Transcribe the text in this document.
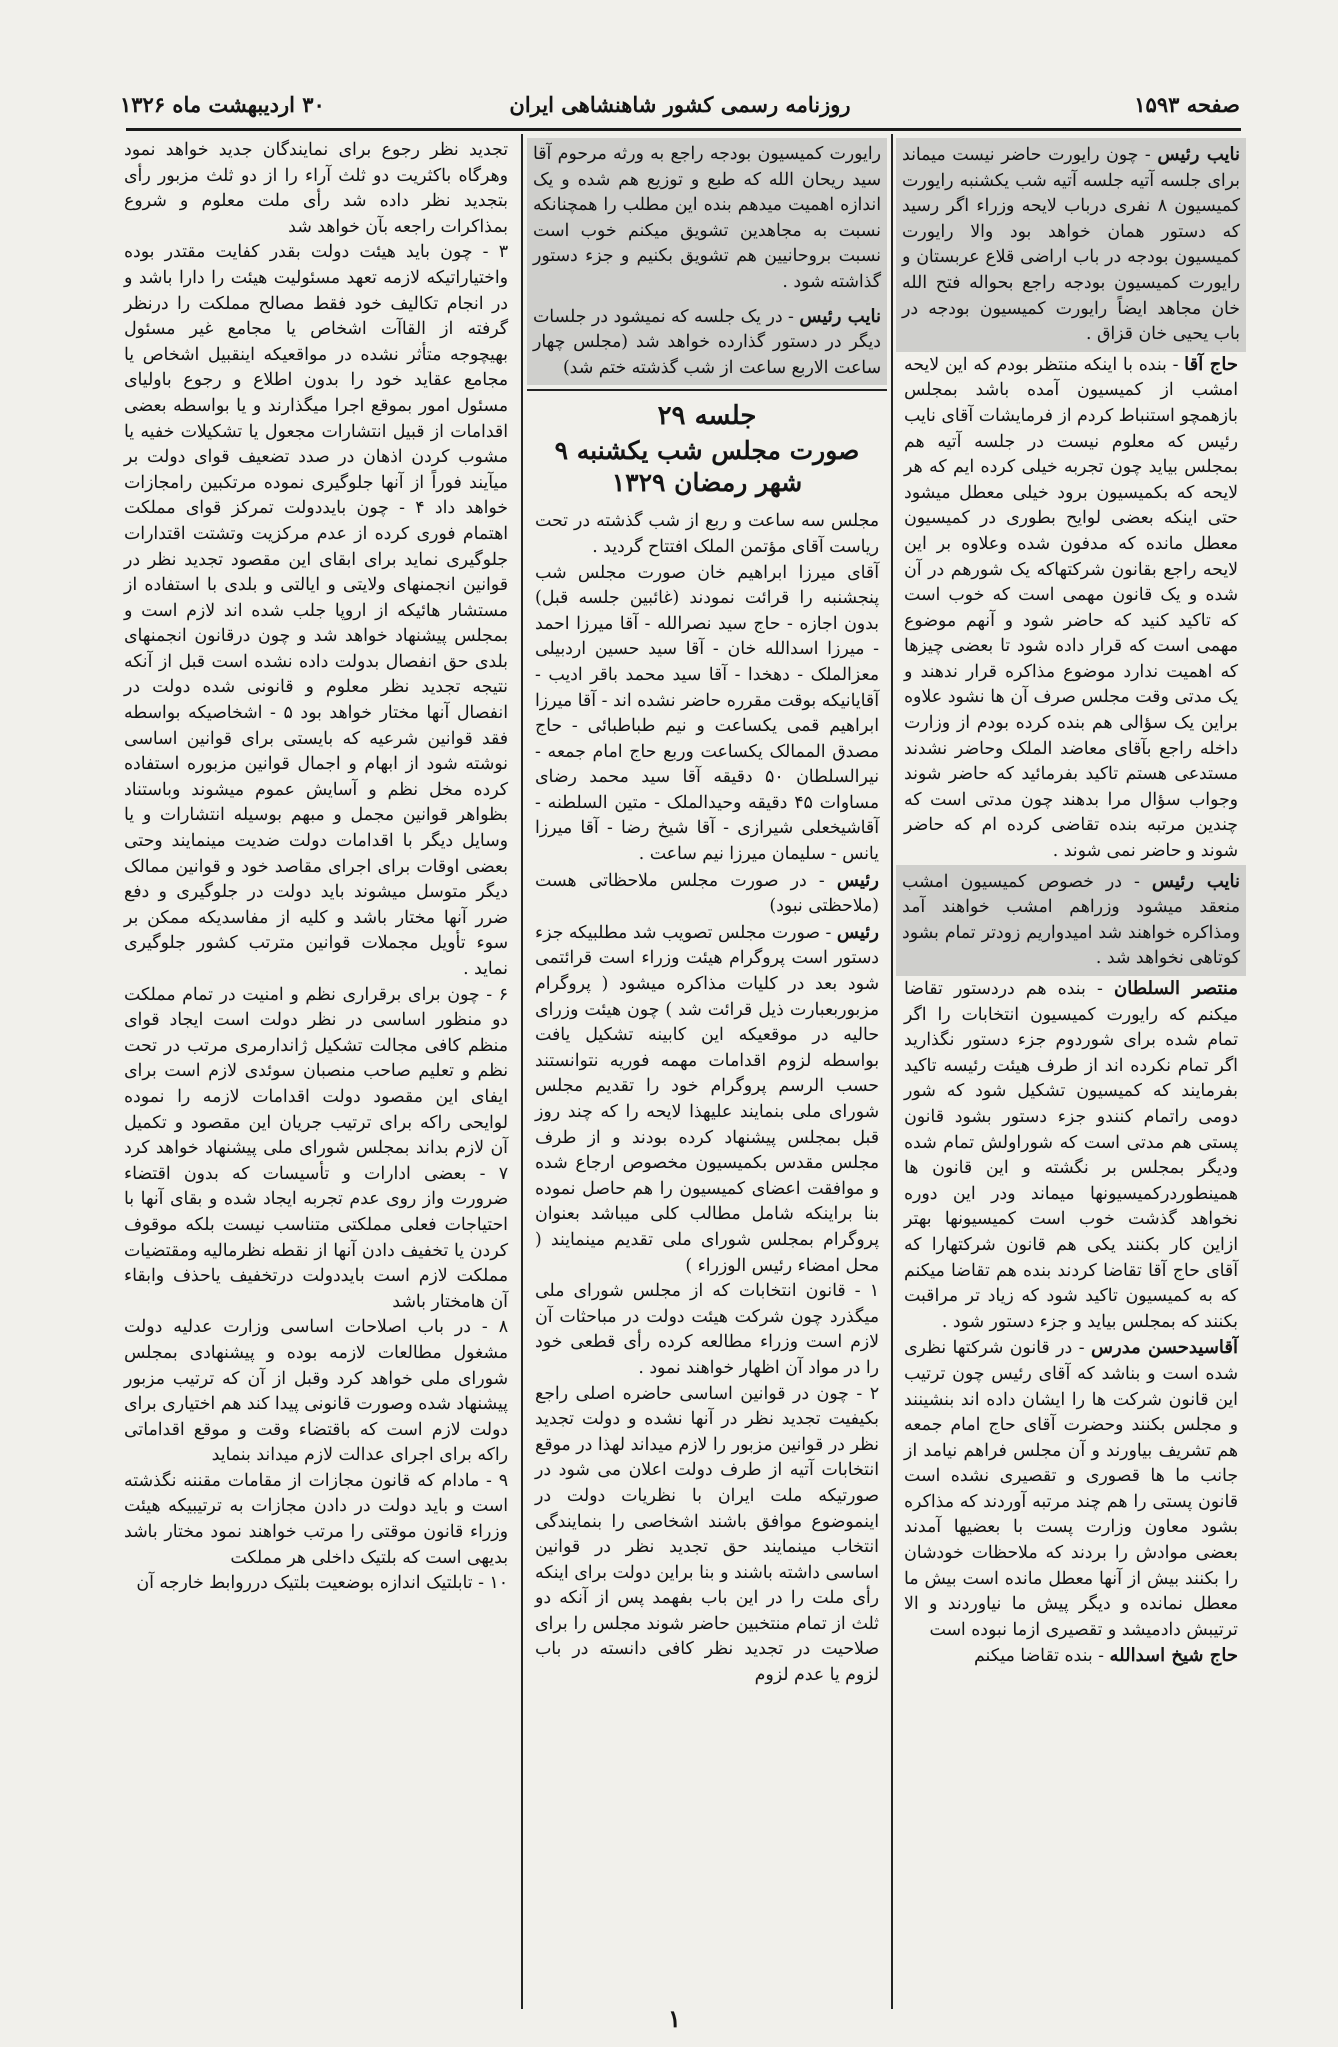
صفحه ۱۵۹۳
روزنامه رسمی کشور شاهنشاهی ایران
۳۰ اردیبهشت ماه ۱۳۲۶

نایب رئیس - چون رایورت حاضر نیست میماند برای جلسه آتیه جلسه آتیه شب یکشنبه رایورت کمیسیون ۸ نفری درباب لایحه وزراء اگر رسید که دستور همان خواهد بود والا رایورت کمیسیون بودجه در باب اراضی قلاع عربستان و رایورت کمیسیون بودجه راجع بحواله فتح الله خان مجاهد ایضاً رایورت کمیسیون بودجه در باب یحیی خان قزاق .

حاج آقا - بنده با اینکه منتظر بودم که این لایحه امشب از کمیسیون آمده باشد بمجلس بازهمچو استنباط کردم از فرمایشات آقای نایب رئیس که معلوم نیست در جلسه آتیه هم بمجلس بیاید چون تجربه خیلی کرده ایم که هر لایحه که بکمیسیون برود خیلی معطل میشود حتی اینکه بعضی لوایح بطوری در کمیسیون معطل مانده که مدفون شده وعلاوه بر این لایحه راجع بقانون شرکتهاکه یک شورهم در آن شده و یک قانون مهمی است که خوب است که تاکید کنید که حاضر شود و آنهم موضوع مهمی است که قرار داده شود تا بعضی چیزها که اهمیت ندارد موضوع مذاکره قرار ندهند و یک مدتی وقت مجلس صرف آن ها نشود علاوه براین یک سؤالی هم بنده کرده بودم از وزارت داخله راجع بآقای معاضد الملک وحاضر نشدند مستدعی هستم تاکید بفرمائید که حاضر شوند وجواب سؤال مرا بدهند چون مدتی است که چندین مرتبه بنده تقاضی کرده ام که حاضر شوند و حاضر نمی شوند .

نایب رئیس - در خصوص کمیسیون امشب منعقد میشود وزراهم امشب خواهند آمد ومذاکره خواهند شد امیدواریم زودتر تمام بشود کوتاهی نخواهد شد .

منتصر السلطان - بنده هم دردستور تقاضا میکنم که رایورت کمیسیون انتخابات را اگر تمام شده برای شوردوم جزء دستور نگذارید اگر تمام نکرده اند از طرف هیئت رئیسه تاکید بفرمایند که کمیسیون تشکیل شود که شور دومی راتمام کنندو جزء دستور بشود قانون پستی هم مدتی است که شوراولش تمام شده ودیگر بمجلس بر نگشته و این قانون ها همینطوردرکمیسیونها میماند ودر این دوره نخواهد گذشت خوب است کمیسیونها بهتر ازاین کار بکنند یکی هم قانون شرکتهارا که آقای حاج آقا تقاضا کردند بنده هم تقاضا میکنم که به کمیسیون تاکید شود که زیاد تر مراقبت بکنند که بمجلس بیاید و جزء دستور شود .

آقاسیدحسن مدرس - در قانون شرکتها نظری شده است و بناشد که آقای رئیس چون ترتیب این قانون شرکت ها را ایشان داده اند بنشینند و مجلس بکنند وحضرت آقای حاج امام جمعه هم تشریف بیاورند و آن مجلس فراهم نیامد از جانب ما ها قصوری و تقصیری نشده است قانون پستی را هم چند مرتبه آوردند که مذاکره بشود معاون وزارت پست با بعضیها آمدند بعضی موادش را بردند که ملاحظات خودشان را بکنند بیش از آنها معطل مانده است بیش ما معطل نمانده و دیگر پیش ما نیاوردند و الا ترتیبش دادمیشد و تقصیری ازما نبوده است

حاج شیخ اسدالله - بنده تقاضا میکنم

رایورت کمیسیون بودجه راجع به ورثه مرحوم آقا سید ریحان الله که طبع و توزیع هم شده و یک اندازه اهمیت میدهم بنده این مطلب را همچنانکه نسبت به مجاهدین تشویق میکنم خوب است نسبت بروحانیین هم تشویق بکنیم و جزء دستور گذاشته شود .

نایب رئیس - در یک جلسه که نمیشود در جلسات دیگر در دستور گذارده خواهد شد (مجلس چهار ساعت الاربع ساعت از شب گذشته ختم شد)

جلسه ۲۹
صورت مجلس شب یکشنبه ۹ شهر رمضان ۱۳۲۹

مجلس سه ساعت و ربع از شب گذشته در تحت ریاست آقای مؤتمن الملک افتتاح گردید .

آقای میرزا ابراهیم خان صورت مجلس شب پنجشنبه را قرائت نمودند (غائبین جلسه قبل) بدون اجازه - حاج سید نصرالله - آقا میرزا احمد - میرزا اسدالله خان - آقا سید حسین اردبیلی معزالملک - دهخدا - آقا سید محمد باقر ادیب - آقایانیکه بوقت مقرره حاضر نشده اند - آقا میرزا ابراهیم قمی یکساعت و نیم طباطبائی - حاج مصدق الممالک یکساعت وربع حاج امام جمعه - نیرالسلطان ۵۰ دقیقه آقا سید محمد رضای مساوات ۴۵ دقیقه وحیدالملک - متین السلطنه - آقاشیخعلی شیرازی - آقا شیخ رضا - آقا میرزا یانس - سلیمان میرزا نیم ساعت .

رئیس - در صورت مجلس ملاحظاتی هست (ملاحظتی نبود)

رئیس - صورت مجلس تصویب شد مطلبیکه جزء دستور است پروگرام هیئت وزراء است قرائتمی شود بعد در کلیات مذاکره میشود ( پروگرام مزبوربعبارت ذیل قرائت شد ) چون هیئت وزرای حالیه در موقعیکه این کابینه تشکیل یافت بواسطه لزوم اقدامات مهمه فوریه نتوانستند حسب الرسم پروگرام خود را تقدیم مجلس شورای ملی بنمایند علیهذا لایحه را که چند روز قبل بمجلس پیشنهاد کرده بودند و از طرف مجلس مقدس بکمیسیون مخصوص ارجاع شده و موافقت اعضای کمیسیون را هم حاصل نموده بنا براینکه شامل مطالب کلی میباشد بعنوان پروگرام بمجلس شورای ملی تقدیم مینمایند ( محل امضاء رئیس الوزراء )

۱ - قانون انتخابات که از مجلس شورای ملی میگذرد چون شرکت هیئت دولت در مباحثات آن لازم است وزراء مطالعه کرده رأی قطعی خود را در مواد آن اظهار خواهند نمود .

۲ - چون در قوانین اساسی حاضره اصلی راجع بکیفیت تجدید نظر در آنها نشده و دولت تجدید نظر در قوانین مزبور را لازم میداند لهذا در موقع انتخابات آتیه از طرف دولت اعلان می شود در صورتیکه ملت ایران با نظریات دولت در اینموضوع موافق باشند اشخاصی را بنمایندگی انتخاب مینمایند حق تجدید نظر در قوانین اساسی داشته باشند و بنا براین دولت برای اینکه رأی ملت را در این باب بفهمد پس از آنکه دو ثلث از تمام منتخبین حاضر شوند مجلس را برای صلاحیت در تجدید نظر کافی دانسته در باب لزوم یا عدم لزوم

تجدید نظر رجوع برای نمایندگان جدید خواهد نمود وهرگاه باکثریت دو ثلث آراء را از دو ثلث مزبور رأی بتجدید نظر داده شد رأی ملت معلوم و شروع بمذاکرات راجعه بآن خواهد شد

۳ - چون باید هیئت دولت بقدر کفایت مقتدر بوده واختیاراتیکه لازمه تعهد مسئولیت هیئت را دارا باشد و در انجام تکالیف خود فقط مصالح مملکت را درنظر گرفته از القاآت اشخاص یا مجامع غیر مسئول بهیچوجه متأثر نشده در مواقعیکه اینقبیل اشخاص یا مجامع عقاید خود را بدون اطلاع و رجوع باولیای مسئول امور بموقع اجرا میگذارند و یا بواسطه بعضی اقدامات از قبیل انتشارات مجعول یا تشکیلات خفیه یا مشوب کردن اذهان در صدد تضعیف قوای دولت بر میآیند فوراً از آنها جلوگیری نموده مرتکبین رامجازات خواهد داد ۴ - چون بایددولت تمرکز قوای مملکت اهتمام فوری کرده از عدم مرکزیت وتشتت اقتدارات جلوگیری نماید برای ابقای این مقصود تجدید نظر در قوانین انجمنهای ولایتی و ایالتی و بلدی با استفاده از مستشار هائیکه از اروپا جلب شده اند لازم است و بمجلس پیشنهاد خواهد شد و چون درقانون انجمنهای بلدی حق انفصال بدولت داده نشده است قبل از آنکه نتیجه تجدید نظر معلوم و قانونی شده دولت در انفصال آنها مختار خواهد بود ۵ - اشخاصیکه بواسطه فقد قوانین شرعیه که بایستی برای قوانین اساسی نوشته شود از ابهام و اجمال قوانین مزبوره استفاده کرده مخل نظم و آسایش عموم میشوند وباستناد بظواهر قوانین مجمل و مبهم بوسیله انتشارات و یا وسایل دیگر با اقدامات دولت ضدیت مینمایند وحتی بعضی اوقات برای اجرای مقاصد خود و قوانین ممالک دیگر متوسل میشوند باید دولت در جلوگیری و دفع ضرر آنها مختار باشد و کلیه از مفاسدیکه ممکن بر سوء تأویل مجملات قوانین مترتب کشور جلوگیری نماید .

۶ - چون برای برقراری نظم و امنیت در تمام مملکت دو منظور اساسی در نظر دولت است ایجاد قوای منظم کافی مجالت تشکیل ژاندارمری مرتب در تحت نظم و تعلیم صاحب منصبان سوئدی لازم است برای ایفای این مقصود دولت اقدامات لازمه را نموده لوایحی راکه برای ترتیب جریان این مقصود و تکمیل آن لازم بداند بمجلس شورای ملی پیشنهاد خواهد کرد ۷ - بعضی ادارات و تأسیسات که بدون اقتضاء ضرورت واز روی عدم تجربه ایجاد شده و بقای آنها با احتیاجات فعلی مملکتی متناسب نیست بلکه موقوف کردن یا تخفیف دادن آنها از نقطه نظرمالیه ومقتضیات مملکت لازم است بایددولت درتخفیف یاحذف وابقاء آن هامختار باشد

۸ - در باب اصلاحات اساسی وزارت عدلیه دولت مشغول مطالعات لازمه بوده و پیشنهادی بمجلس شورای ملی خواهد کرد وقبل از آن که ترتیب مزبور پیشنهاد شده وصورت قانونی پیدا کند هم اختیاری برای دولت لازم است که باقتضاء وقت و موقع اقداماتی راکه برای اجرای عدالت لازم میداند بنماید

۹ - مادام که قانون مجازات از مقامات مقننه نگذشته است و باید دولت در دادن مجازات به ترتیبیکه هیئت وزراء قانون موقتی را مرتب خواهند نمود مختار باشد بدیهی است که بلتیک داخلی هر مملکت

۱۰ - تابلتیک اندازه بوضعیت بلتیک درروابط خارجه آن

۱
